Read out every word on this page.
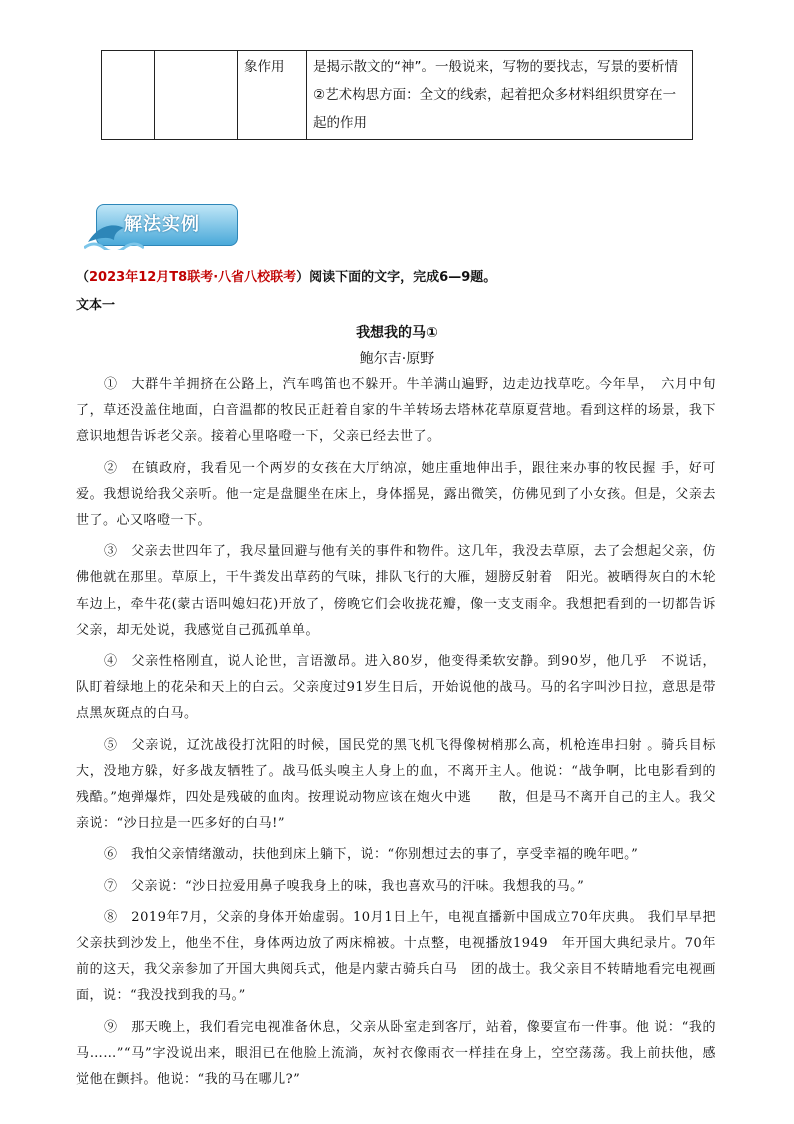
		象作用	是揭示散文的“神”。一般说来，写物的要找志，写景的要析情
②艺术构思方面：全文的线索，起着把众多材料组织贯穿在一起的作用
解法实例
（2023年12月T8联考·八省八校联考）阅读下面的文字，完成6—9题。
文本一
我想我的马①
鲍尔吉·原野

①　大群牛羊拥挤在公路上，汽车鸣笛也不躲开。牛羊满山遍野，边走边找草吃。今年旱，　六月中旬了，草还没盖住地面，白音温都的牧民正赶着自家的牛羊转场去塔林花草原夏营地。看到这样的场景，我下意识地想告诉老父亲。接着心里咯噔一下，父亲已经去世了。

②　在镇政府，我看见一个两岁的女孩在大厅纳凉，她庄重地伸出手，跟往来办事的牧民握 手，好可爱。我想说给我父亲听。他一定是盘腿坐在床上，身体摇晃，露出微笑，仿佛见到了小女孩。但是，父亲去世了。心又咯噔一下。

③　父亲去世四年了，我尽量回避与他有关的事件和物件。这几年，我没去草原，去了会想起父亲，仿佛他就在那里。草原上，干牛粪发出草药的气味，排队飞行的大雁，翅膀反射着　阳光。被晒得灰白的木轮车边上，牵牛花(蒙古语叫媳妇花)开放了，傍晚它们会收拢花瓣，像一支支雨伞。我想把看到的一切都告诉父亲，却无处说，我感觉自己孤孤单单。

④　父亲性格刚直，说人论世，言语激昂。进入80岁，他变得柔软安静。到90岁，他几乎　不说话，队盯着绿地上的花朵和天上的白云。父亲度过91岁生日后，开始说他的战马。马的名字叫沙日拉，意思是带点黑灰斑点的白马。

⑤　父亲说，辽沈战役打沈阳的时候，国民党的黑飞机飞得像树梢那么高，机枪连串扫射 。骑兵目标大，没地方躲，好多战友牺牲了。战马低头嗅主人身上的血，不离开主人。他说：“战争啊，比电影看到的残酷。”炮弹爆炸，四处是残破的血肉。按理说动物应该在炮火中逃　　散，但是马不离开自己的主人。我父亲说：“沙日拉是一匹多好的白马!”

⑥　我怕父亲情绪激动，扶他到床上躺下，说：“你别想过去的事了，享受幸福的晚年吧。”

⑦　父亲说：“沙日拉爱用鼻子嗅我身上的味，我也喜欢马的汗味。我想我的马。”

⑧　2019年7月，父亲的身体开始虚弱。10月1日上午，电视直播新中国成立70年庆典。 我们早早把父亲扶到沙发上，他坐不住，身体两边放了两床棉被。十点整，电视播放1949　年开国大典纪录片。70年前的这天，我父亲参加了开国大典阅兵式，他是内蒙古骑兵白马　团的战士。我父亲目不转睛地看完电视画面，说：“我没找到我的马。”

⑨　那天晚上，我们看完电视准备休息，父亲从卧室走到客厅，站着，像要宣布一件事。他 说：“我的马……”“马”字没说出来，眼泪已在他脸上流淌，灰衬衣像雨衣一样挂在身上，空空荡荡。我上前扶他，感觉他在颤抖。他说：“我的马在哪儿?”
